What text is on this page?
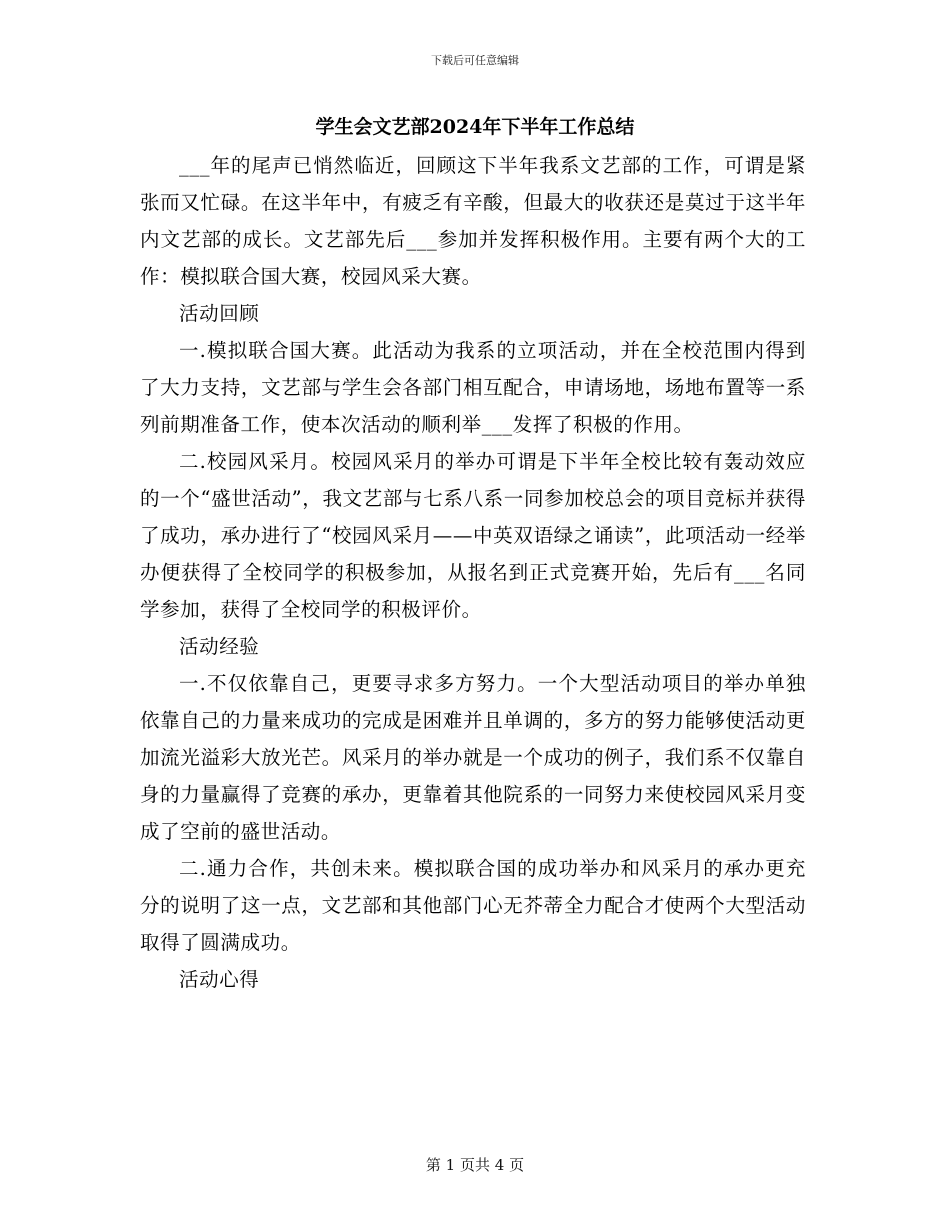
下载后可任意编辑
学生会文艺部2024年下半年工作总结

___年的尾声已悄然临近，回顾这下半年我系文艺部的工作，可谓是紧张而又忙碌。在这半年中，有疲乏有辛酸，但最大的收获还是莫过于这半年内文艺部的成长。文艺部先后___参加并发挥积极作用。主要有两个大的工作：模拟联合国大赛，校园风采大赛。

活动回顾

一.模拟联合国大赛。此活动为我系的立项活动，并在全校范围内得到了大力支持，文艺部与学生会各部门相互配合，申请场地，场地布置等一系列前期准备工作，使本次活动的顺利举___发挥了积极的作用。

二.校园风采月。校园风采月的举办可谓是下半年全校比较有轰动效应的一个“盛世活动”，我文艺部与七系八系一同参加校总会的项目竞标并获得了成功，承办进行了“校园风采月——中英双语绿之诵读”，此项活动一经举办便获得了全校同学的积极参加，从报名到正式竞赛开始，先后有___名同学参加，获得了全校同学的积极评价。

活动经验

一.不仅依靠自己，更要寻求多方努力。一个大型活动项目的举办单独依靠自己的力量来成功的完成是困难并且单调的，多方的努力能够使活动更加流光溢彩大放光芒。风采月的举办就是一个成功的例子，我们系不仅靠自身的力量赢得了竞赛的承办，更靠着其他院系的一同努力来使校园风采月变成了空前的盛世活动。

二.通力合作，共创未来。模拟联合国的成功举办和风采月的承办更充分的说明了这一点，文艺部和其他部门心无芥蒂全力配合才使两个大型活动取得了圆满成功。

活动心得

第 1 页共 4 页
